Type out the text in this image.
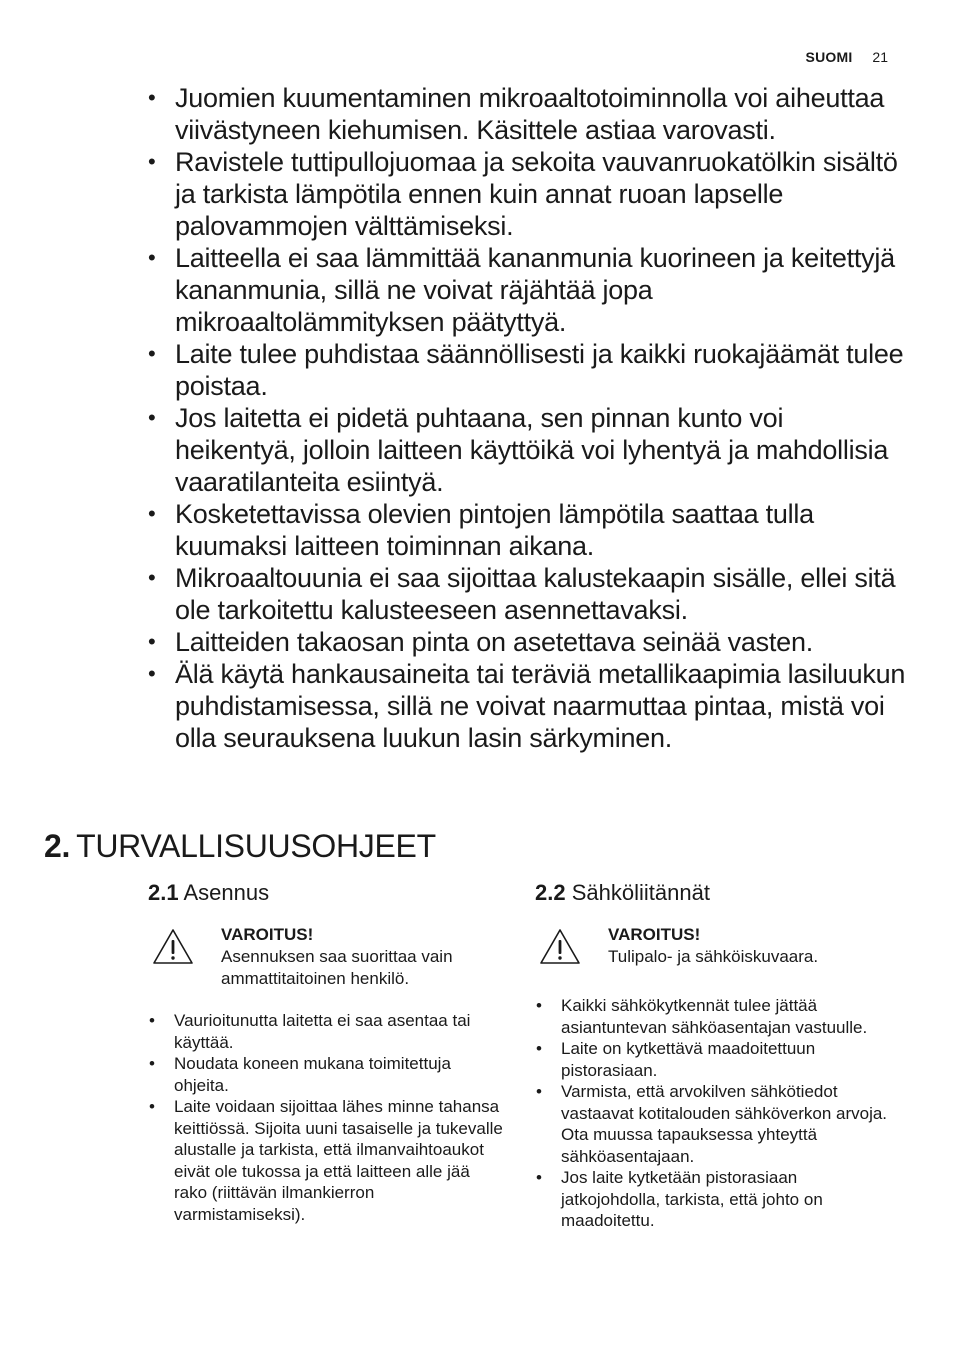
SUOMI 21
• Juomien kuumentaminen mikroaaltotoiminnolla voi aiheuttaa viivästyneen kiehumisen. Käsittele astiaa varovasti.
• Ravistele tuttipullojuomaa ja sekoita vauvanruokatölkin sisältö ja tarkista lämpötila ennen kuin annat ruoan lapselle palovammojen välttämiseksi.
• Laitteella ei saa lämmittää kananmunia kuorineen ja keitettyjä kananmunia, sillä ne voivat räjähtää jopa mikroaaltolämmityksen päätyttyä.
• Laite tulee puhdistaa säännöllisesti ja kaikki ruokajäämät tulee poistaa.
• Jos laitetta ei pidetä puhtaana, sen pinnan kunto voi heikentyä, jolloin laitteen käyttöikä voi lyhentyä ja mahdollisia vaaratilanteita esiintyä.
• Kosketettavissa olevien pintojen lämpötila saattaa tulla kuumaksi laitteen toiminnan aikana.
• Mikroaaltouunia ei saa sijoittaa kalustekaapin sisälle, ellei sitä ole tarkoitettu kalusteeseen asennettavaksi.
• Laitteiden takaosan pinta on asetettava seinää vasten.
• Älä käytä hankausaineita tai teräviä metallikaapimia lasiluukun puhdistamisessa, sillä ne voivat naarmuttaa pintaa, mistä voi olla seurauksena luukun lasin särkyminen.
2. TURVALLISUUSOHJEET
2.1 Asennus
VAROITUS!
Asennuksen saa suorittaa vain ammattitaitoinen henkilö.
• Vaurioitunutta laitetta ei saa asentaa tai käyttää.
• Noudata koneen mukana toimitettuja ohjeita.
• Laite voidaan sijoittaa lähes minne tahansa keittiössä. Sijoita uuni tasaiselle ja tukevalle alustalle ja tarkista, että ilmanvaihtoaukot eivät ole tukossa ja että laitteen alle jää rako (riittävän ilmankierron varmistamiseksi).
2.2 Sähköliitännät
VAROITUS!
Tulipalo- ja sähköiskuvaara.
• Kaikki sähkökytkennät tulee jättää asiantuntevan sähköasentajan vastuulle.
• Laite on kytkettävä maadoitettuun pistorasiaan.
• Varmista, että arvokilven sähkötiedot vastaavat kotitalouden sähköverkon arvoja. Ota muussa tapauksessa yhteyttä sähköasentajaan.
• Jos laite kytketään pistorasiaan jatkojohdolla, tarkista, että johto on maadoitettu.
